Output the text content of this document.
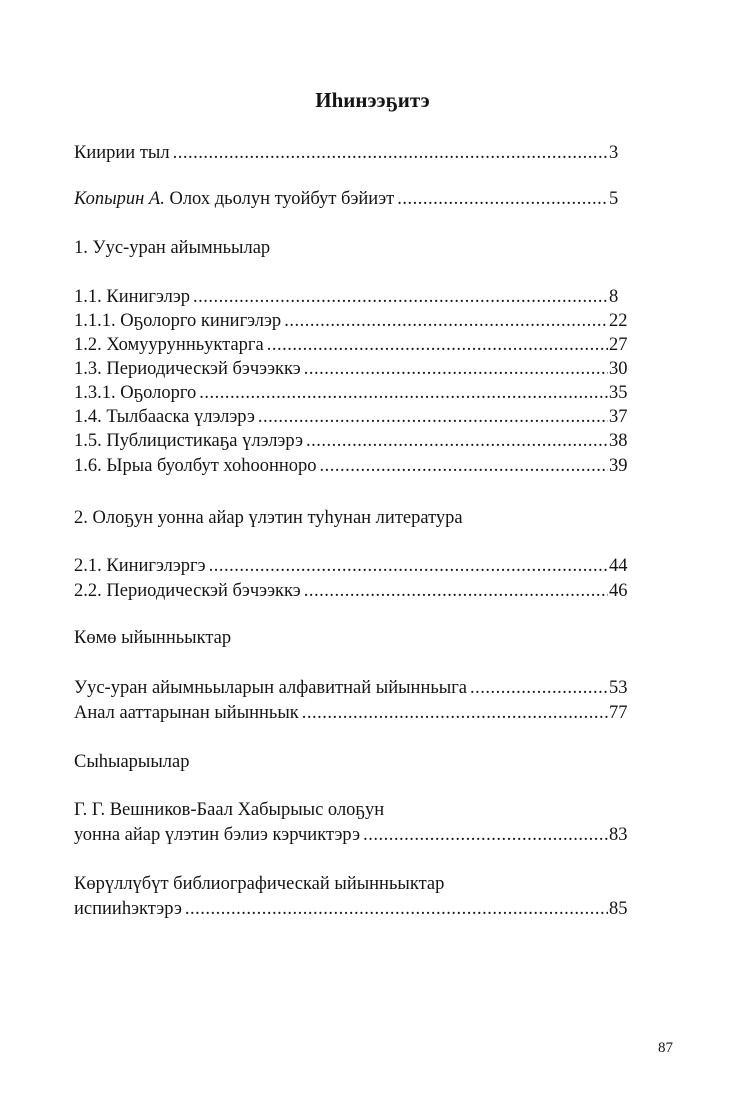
Иhинээҕитэ
Киирии тыл .....	3
Копырин А. Олох дьолун туойбут бэйиэт .....	5
1. Уус-уран айымньылар
1.1. Кинигэлэр .....	8
1.1.1. Оҕолорго кинигэлэр .....	22
1.2. Хомуурунньуктарга .....	27
1.3. Периодическэй бэчээккэ .....	30
1.3.1. Оҕолорго .....	35
1.4. Тылбааска үлэлэрэ .....	37
1.5. Публицистикаҕа үлэлэрэ .....	38
1.6. Ырыа буолбут хоhоонноро .....	39
2. Олоҕун уонна айар үлэтин туhунан литература
2.1. Кинигэлэргэ .....	44
2.2. Периодическэй бэчээккэ .....	46
Көмө ыйынньыктар
Уус-уран айымньыларын алфавитнай ыйынньыга .....	53
Анал ааттарынан ыйынньык .....	77
Сыhыарыылар
Г. Г. Вешников-Баал Хабырыыс олоҕун
уонна айар үлэтин бэлиэ кэрчиктэрэ .....	83
Көрүллүбүт библиографическай ыйынньыктар
испииhэктэрэ .....	85
87
